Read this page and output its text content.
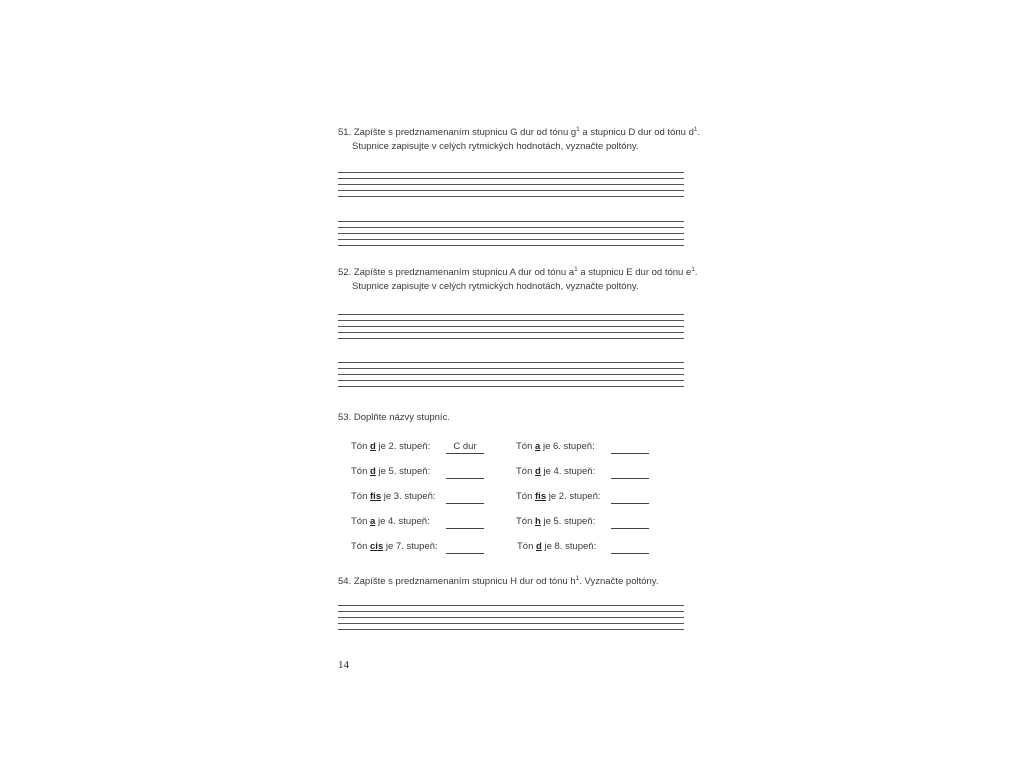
51. Zapíšte s predznamenaním stupnicu G dur od tónu $g^1$ a stupnicu D dur od tónu $d^1$.
Stupnice zapisujte v celých rytmických hodnotách, vyznačte poltóny.
52. Zapíšte s predznamenaním stupnicu A dur od tónu $a^1$ a stupnicu E dur od tónu $e^1$.
Stupnice zapisujte v celých rytmických hodnotách, vyznačte poltóny.
53. Doplňte názvy stupníc.
Tón d je 2. stupeň:	C dur	Tón a je 6. stupeň:
Tón d je 5. stupeň:	Tón d je 4. stupeň:
Tón fis je 3. stupeň:	Tón fis je 2. stupeň:
Tón a je 4. stupeň:	Tón h je 5. stupeň:
Tón cis je 7. stupeň:	Tón d je 8. stupeň:
54. Zapíšte s predznamenaním stupnicu H dur od tónu $h^1$. Vyznačte poltóny.
14
